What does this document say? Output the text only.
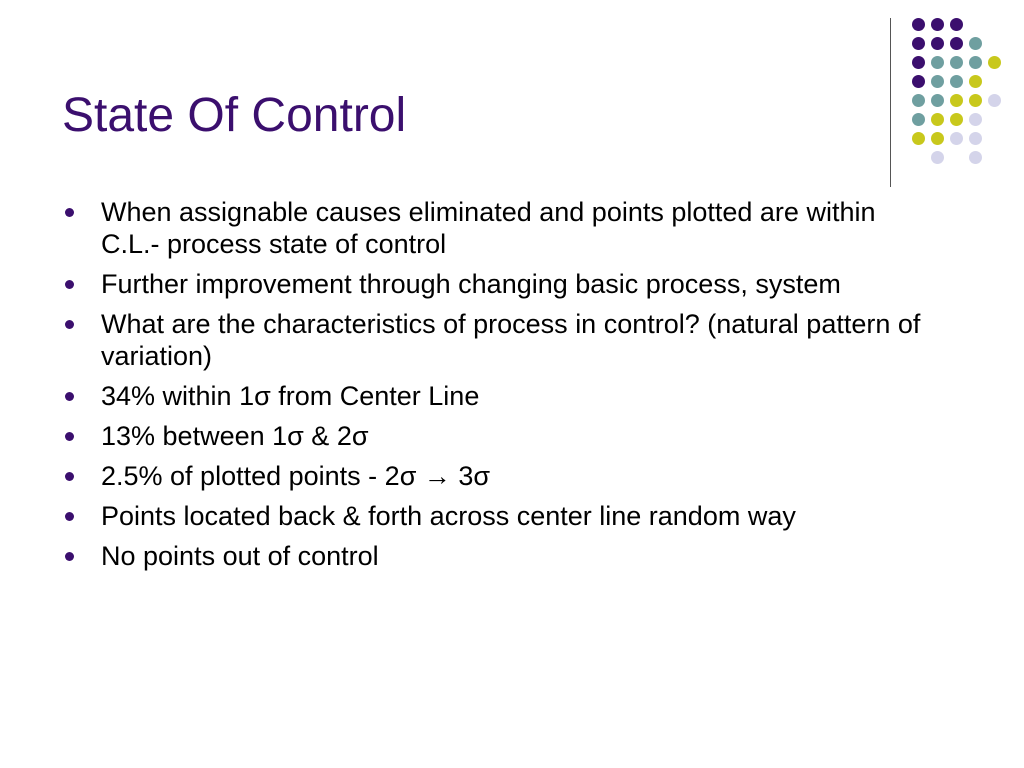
State Of Control
When assignable causes eliminated and points plotted are within C.L.- process state of control
Further improvement through changing basic process, system
What are the characteristics of process in control? (natural pattern of variation)
34% within 1σ from Center Line
13% between 1σ & 2σ
2.5% of plotted points - 2σ → 3σ
Points located back & forth across center line random way
No points out of control
